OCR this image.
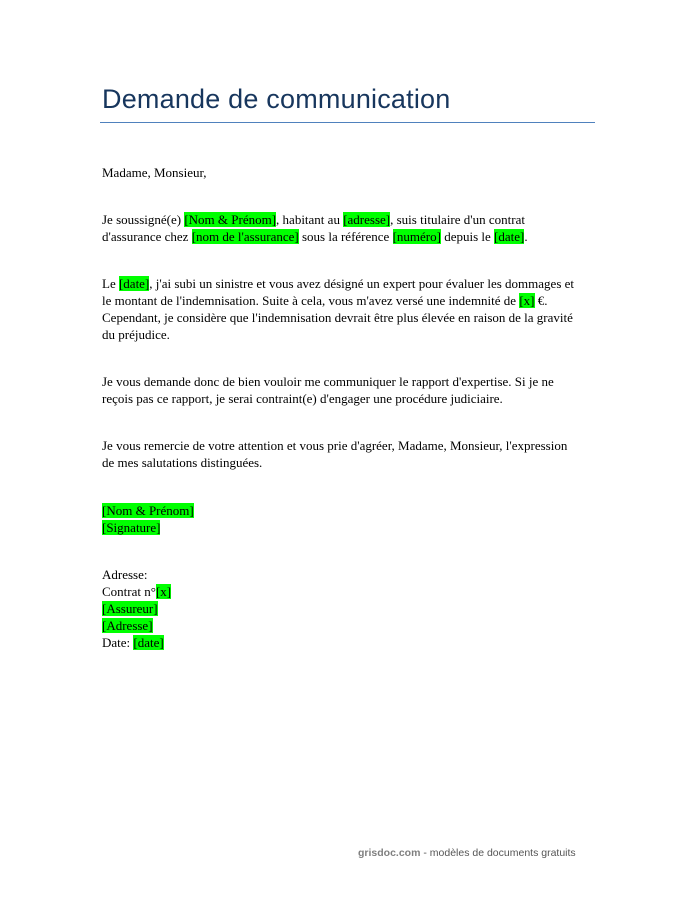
Demande de communication
Madame, Monsieur,
Je soussigné(e) [Nom & Prénom], habitant au [adresse], suis titulaire d'un contrat
d'assurance chez [nom de l'assurance] sous la référence [numéro] depuis le [date].
Le [date], j'ai subi un sinistre et vous avez désigné un expert pour évaluer les dommages et
le montant de l'indemnisation. Suite à cela, vous m'avez versé une indemnité de [x] €.
Cependant, je considère que l'indemnisation devrait être plus élevée en raison de la gravité
du préjudice.
Je vous demande donc de bien vouloir me communiquer le rapport d'expertise. Si je ne
reçois pas ce rapport, je serai contraint(e) d'engager une procédure judiciaire.
Je vous remercie de votre attention et vous prie d'agréer, Madame, Monsieur, l'expression
de mes salutations distinguées.
[Nom & Prénom]
[Signature]
Adresse:
Contrat n°[x]
[Assureur]
[Adresse]
Date: [date]
grisdoc.com - modèles de documents gratuits
